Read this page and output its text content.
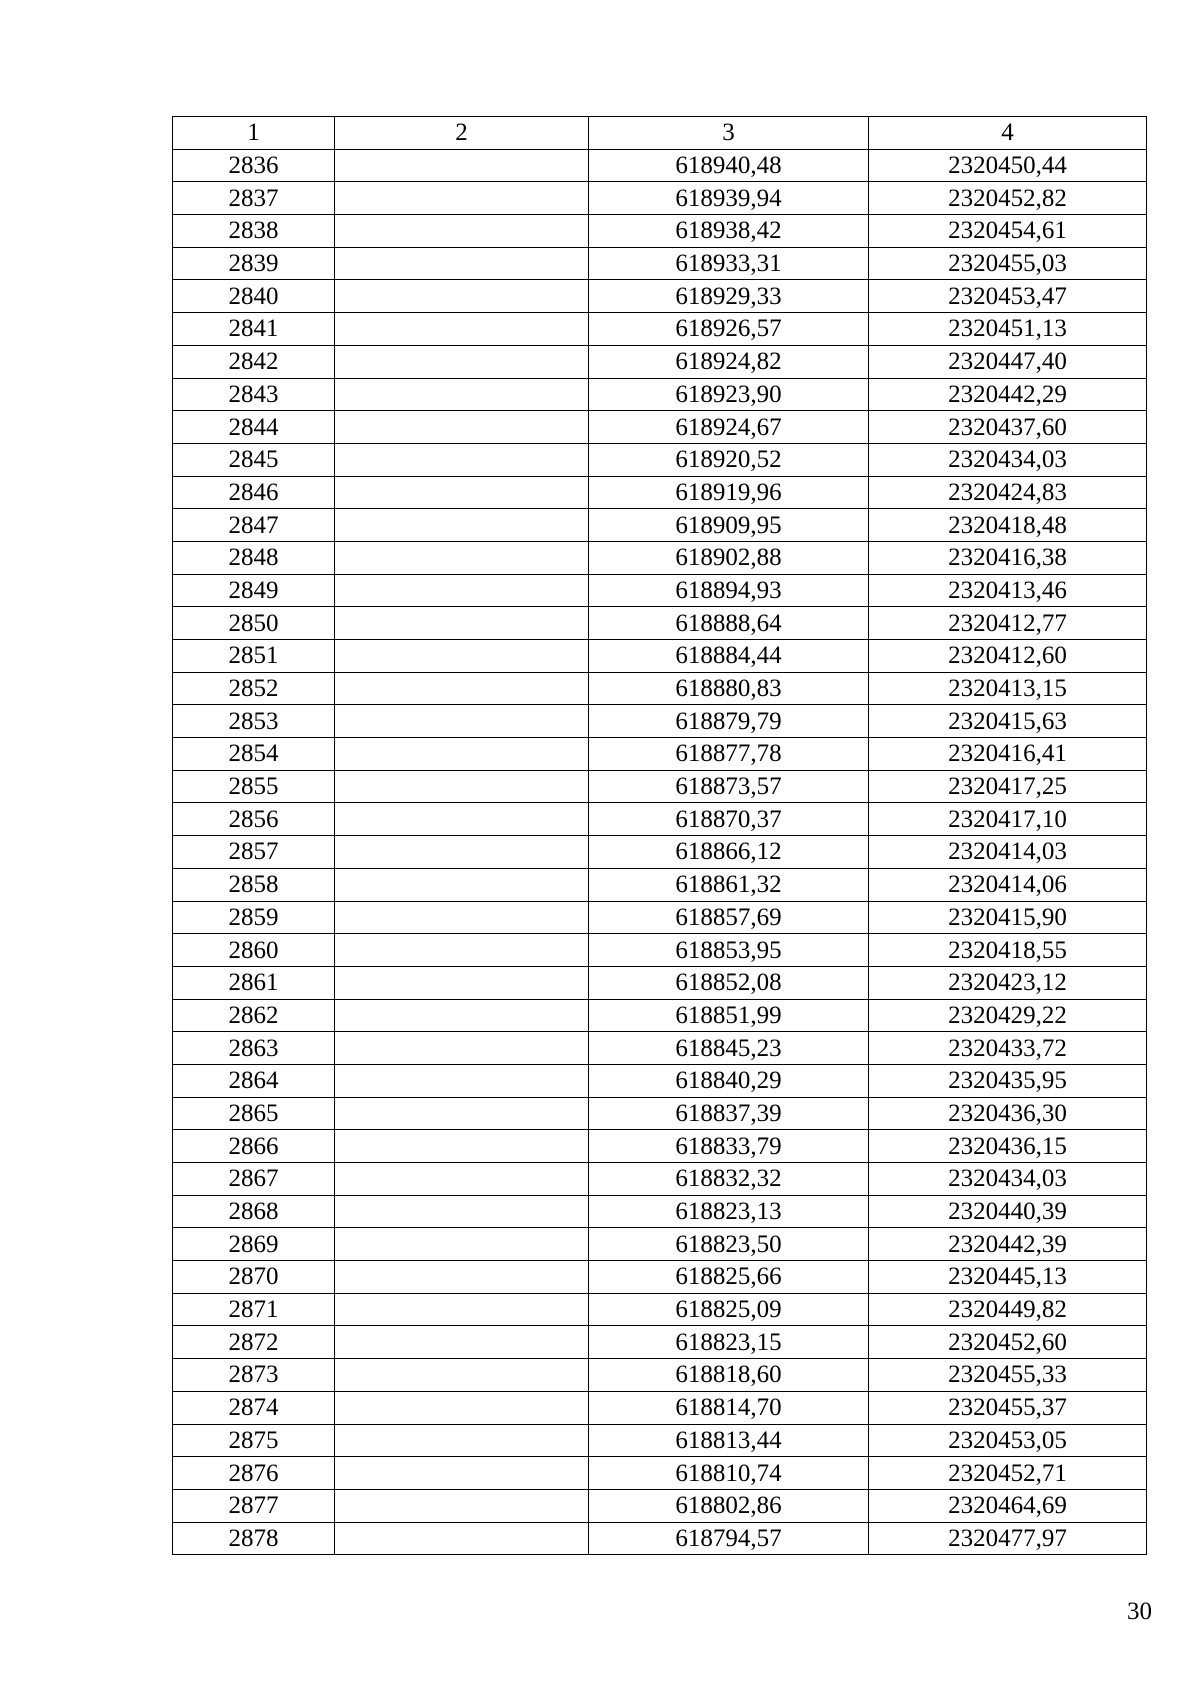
1	2	3	4
2836		618940,48	2320450,44
2837		618939,94	2320452,82
2838		618938,42	2320454,61
2839		618933,31	2320455,03
2840		618929,33	2320453,47
2841		618926,57	2320451,13
2842		618924,82	2320447,40
2843		618923,90	2320442,29
2844		618924,67	2320437,60
2845		618920,52	2320434,03
2846		618919,96	2320424,83
2847		618909,95	2320418,48
2848		618902,88	2320416,38
2849		618894,93	2320413,46
2850		618888,64	2320412,77
2851		618884,44	2320412,60
2852		618880,83	2320413,15
2853		618879,79	2320415,63
2854		618877,78	2320416,41
2855		618873,57	2320417,25
2856		618870,37	2320417,10
2857		618866,12	2320414,03
2858		618861,32	2320414,06
2859		618857,69	2320415,90
2860		618853,95	2320418,55
2861		618852,08	2320423,12
2862		618851,99	2320429,22
2863		618845,23	2320433,72
2864		618840,29	2320435,95
2865		618837,39	2320436,30
2866		618833,79	2320436,15
2867		618832,32	2320434,03
2868		618823,13	2320440,39
2869		618823,50	2320442,39
2870		618825,66	2320445,13
2871		618825,09	2320449,82
2872		618823,15	2320452,60
2873		618818,60	2320455,33
2874		618814,70	2320455,37
2875		618813,44	2320453,05
2876		618810,74	2320452,71
2877		618802,86	2320464,69
2878		618794,57	2320477,97
30
